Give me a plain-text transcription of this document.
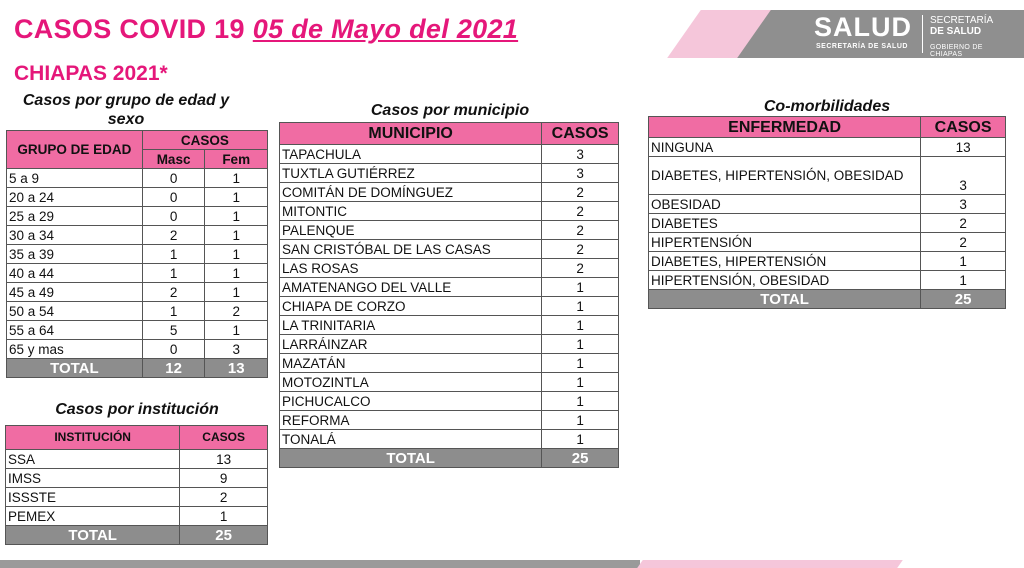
CASOS COVID 19 05 de Mayo del 2021
CHIAPAS 2021*
SALUD
SECRETARÍA DE SALUD
SECRETARÍA
DE SALUD
GOBIERNO DE CHIAPAS
Casos por grupo de edad y sexo
GRUPO DE EDAD	CASOS	
	Masc	Fem
5 a 9	0	1
20 a 24	0	1
25 a 29	0	1
30 a 34	2	1
35 a 39	1	1
40 a 44	1	1
45 a 49	2	1
50 a 54	1	2
55 a 64	5	1
65 y mas	0	3
TOTAL	12	13
Casos por institución
INSTITUCIÓN	CASOS
SSA	13
IMSS	9
ISSSTE	2
PEMEX	1
TOTAL	25
Casos por municipio
MUNICIPIO	CASOS
TAPACHULA	3
TUXTLA GUTIÉRREZ	3
COMITÁN DE DOMÍNGUEZ	2
MITONTIC	2
PALENQUE	2
SAN CRISTÓBAL DE LAS CASAS	2
LAS ROSAS	2
AMATENANGO DEL VALLE	1
CHIAPA DE CORZO	1
LA TRINITARIA	1
LARRÁINZAR	1
MAZATÁN	1
MOTOZINTLA	1
PICHUCALCO	1
REFORMA	1
TONALÁ	1
TOTAL	25
Co-morbilidades
ENFERMEDAD	CASOS
NINGUNA	13
DIABETES, HIPERTENSIÓN, OBESIDAD	3
OBESIDAD	3
DIABETES	2
HIPERTENSIÓN	2
DIABETES, HIPERTENSIÓN	1
HIPERTENSIÓN, OBESIDAD	1
TOTAL	25
